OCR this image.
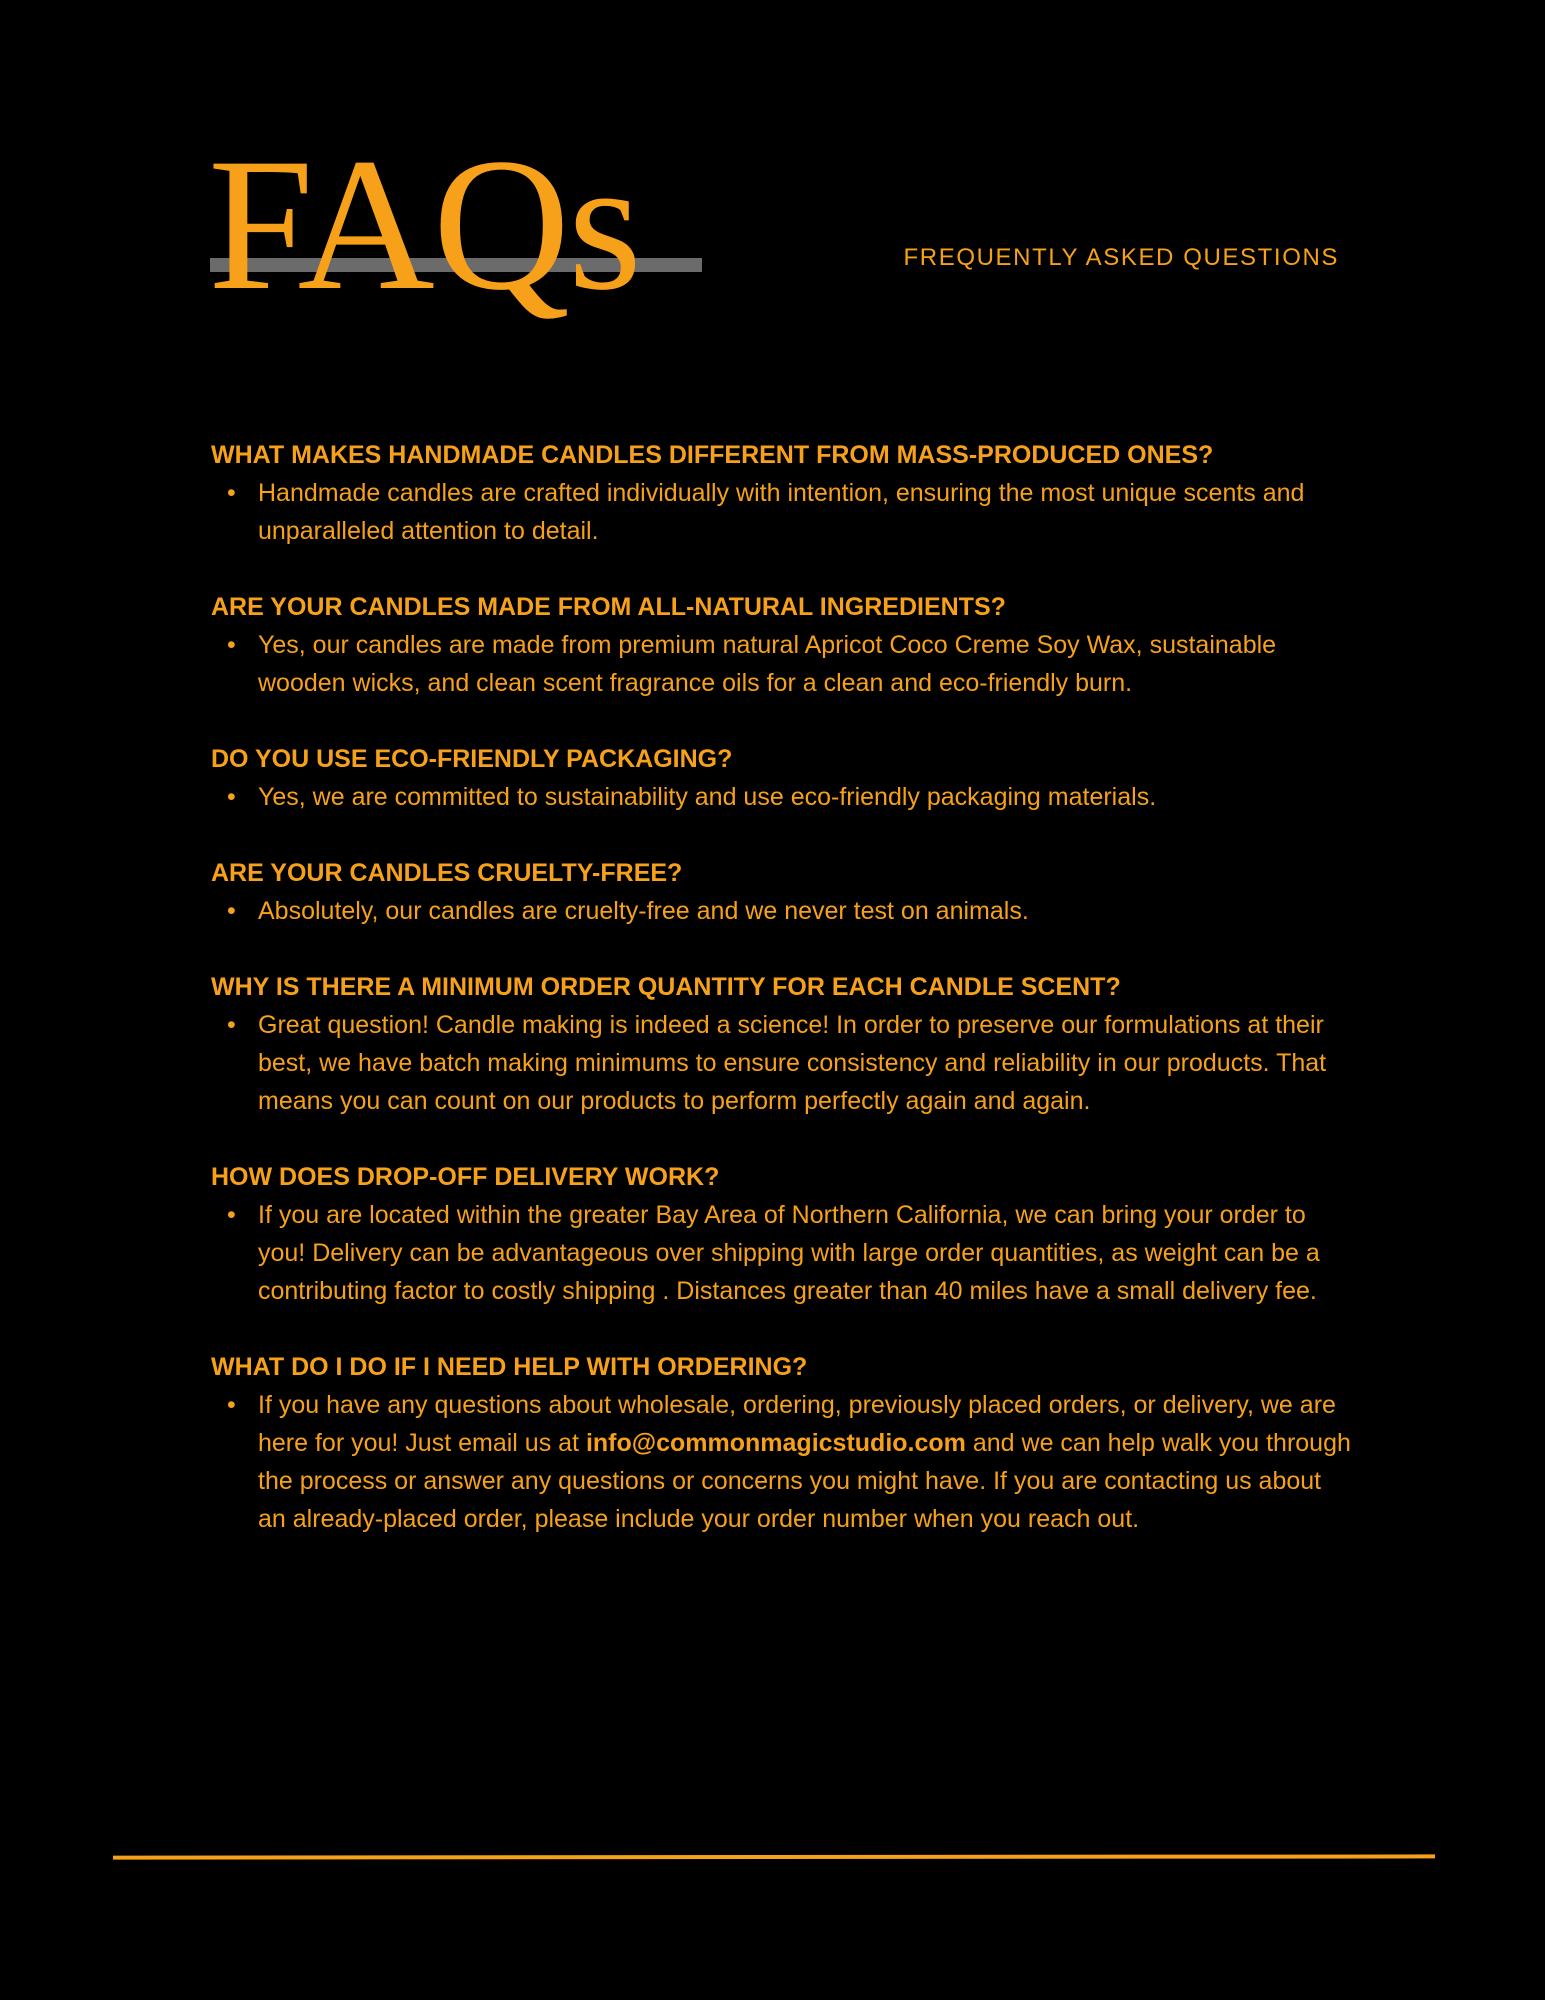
FAQs	FREQUENTLY ASKED QUESTIONS
WHAT MAKES HANDMADE CANDLES DIFFERENT FROM MASS-PRODUCED ONES?

• Handmade candles are crafted individually with intention, ensuring the most unique scents and unparalleled attention to detail.

ARE YOUR CANDLES MADE FROM ALL-NATURAL INGREDIENTS?

• Yes, our candles are made from premium natural Apricot Coco Creme Soy Wax, sustainable wooden wicks, and clean scent fragrance oils for a clean and eco-friendly burn.

DO YOU USE ECO-FRIENDLY PACKAGING?

• Yes, we are committed to sustainability and use eco-friendly packaging materials.

ARE YOUR CANDLES CRUELTY-FREE?

• Absolutely, our candles are cruelty-free and we never test on animals.

WHY IS THERE A MINIMUM ORDER QUANTITY FOR EACH CANDLE SCENT?

• Great question! Candle making is indeed a science! In order to preserve our formulations at their best, we have batch making minimums to ensure consistency and reliability in our products. That means you can count on our products to perform perfectly again and again.

HOW DOES DROP-OFF DELIVERY WORK?

• If you are located within the greater Bay Area of Northern California, we can bring your order to you! Delivery can be advantageous over shipping with large order quantities, as weight can be a contributing factor to costly shipping . Distances greater than 40 miles have a small delivery fee.

WHAT DO I DO IF I NEED HELP WITH ORDERING?

• If you have any questions about wholesale, ordering, previously placed orders, or delivery, we are here for you! Just email us at info@commonmagicstudio.com and we can help walk you through the process or answer any questions or concerns you might have. If you are contacting us about an already-placed order, please include your order number when you reach out.
